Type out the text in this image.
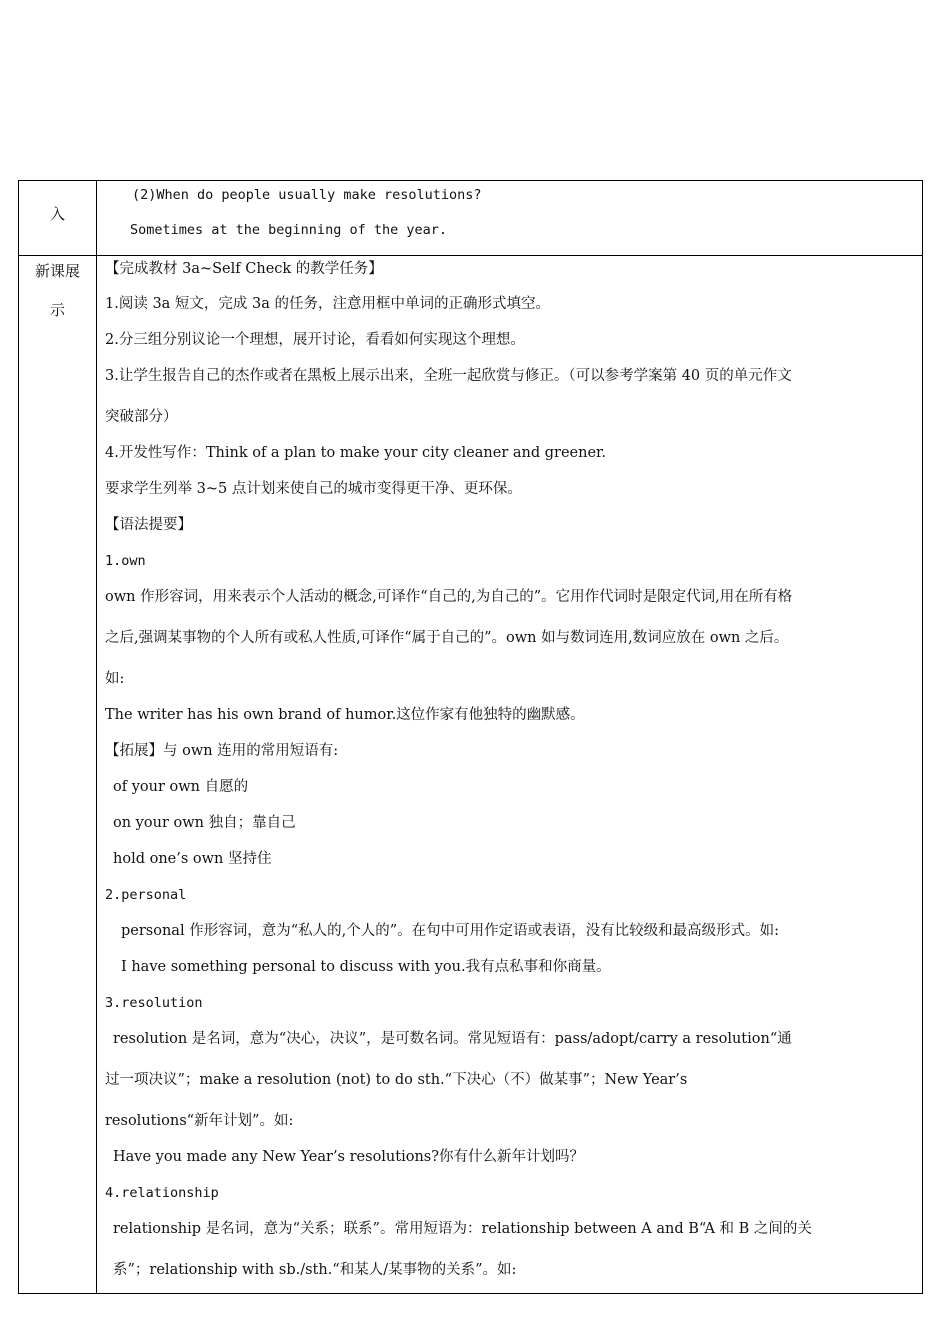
入
(2)When do people usually make resolutions?
Sometimes at the beginning of the year.
新课展
示
【完成教材 3a~Self Check 的教学任务】
1.阅读 3a 短文，完成 3a 的任务，注意用框中单词的正确形式填空。
2.分三组分别议论一个理想，展开讨论，看看如何实现这个理想。
3.让学生报告自己的杰作或者在黑板上展示出来，全班一起欣赏与修正。（可以参考学案第 40 页的单元作文
突破部分）
4.开发性写作：Think of a plan to make your city cleaner and greener.
要求学生列举 3~5 点计划来使自己的城市变得更干净、更环保。
【语法提要】
1.own
own 作形容词，用来表示个人活动的概念,可译作“自己的,为自己的”。它用作代词时是限定代词,用在所有格
之后,强调某事物的个人所有或私人性质,可译作“属于自己的”。own 如与数词连用,数词应放在 own 之后。
如:
The writer has his own brand of humor.这位作家有他独特的幽默感。
【拓展】与 own 连用的常用短语有:
of your own 自愿的
on your own 独自；靠自己
hold one’s own 坚持住
2.personal
personal 作形容词，意为“私人的,个人的”。在句中可用作定语或表语，没有比较级和最高级形式。如:
I have something personal to discuss with you.我有点私事和你商量。
3.resolution
resolution 是名词，意为“决心，决议”，是可数名词。常见短语有：pass/adopt/carry a resolution“通
过一项决议”；make a resolution (not) to do sth.“下决心（不）做某事”；New Year’s
resolutions“新年计划”。如:
Have you made any New Year’s resolutions?你有什么新年计划吗？
4.relationship
relationship 是名词，意为“关系；联系”。常用短语为：relationship between A and B“A 和 B 之间的关
系”；relationship with sb./sth.“和某人/某事物的关系”。如:
